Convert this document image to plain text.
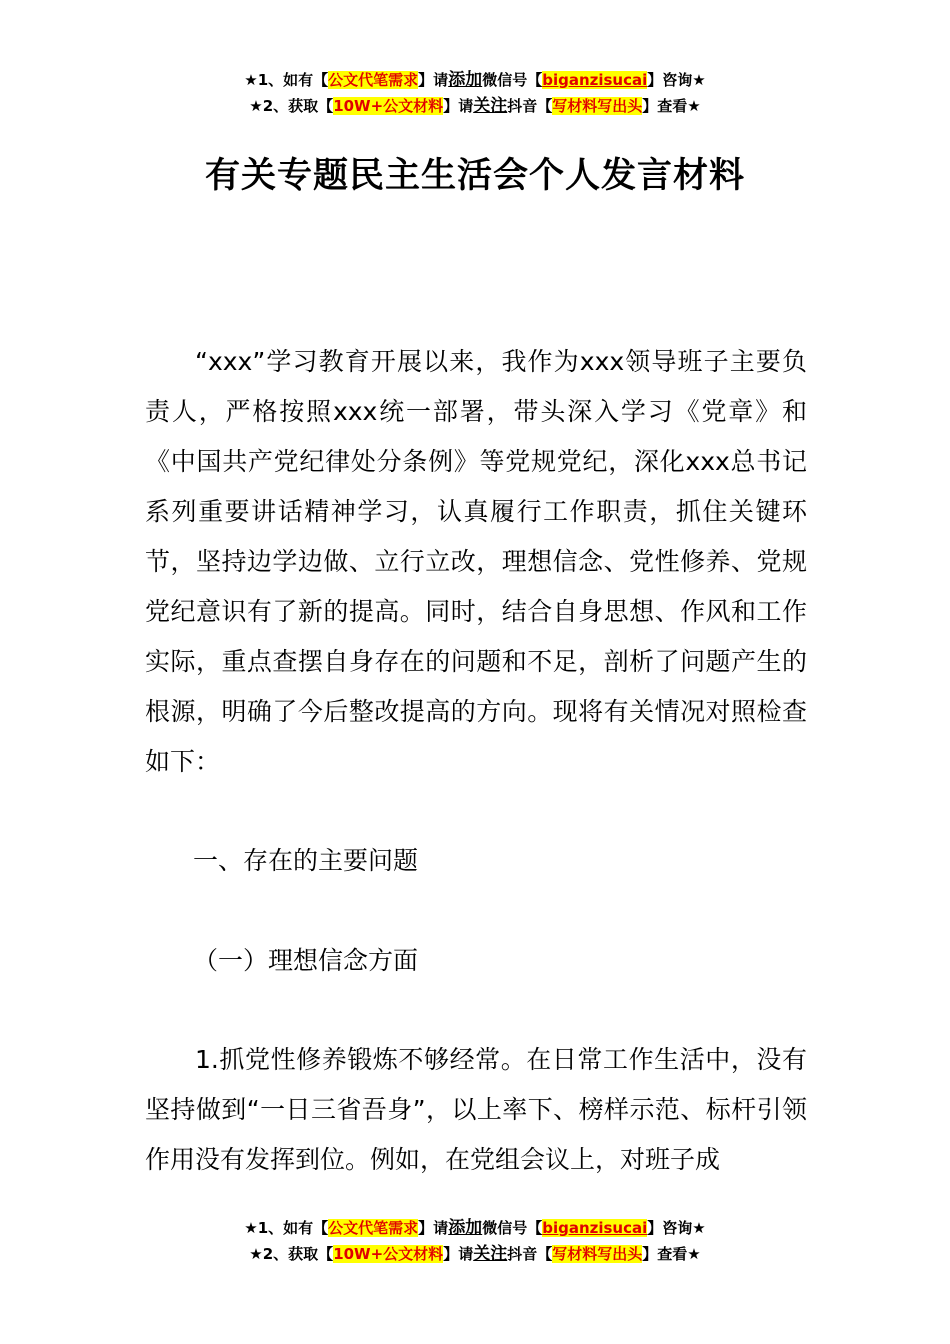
★1、如有【公文代笔需求】请添加微信号【biganzisucai】咨询★
★2、获取【10W+公文材料】请关注抖音【写材料写出头】查看★
有关专题民主生活会个人发言材料

“xxx”学习教育开展以来，我作为xxx领导班子主要负责人，严格按照xxx统一部署，带头深入学习《党章》和《中国共产党纪律处分条例》等党规党纪，深化xxx总书记系列重要讲话精神学习，认真履行工作职责，抓住关键环节，坚持边学边做、立行立改，理想信念、党性修养、党规党纪意识有了新的提高。同时，结合自身思想、作风和工作实际，重点查摆自身存在的问题和不足，剖析了问题产生的根源，明确了今后整改提高的方向。现将有关情况对照检查如下：

一、存在的主要问题
（一）理想信念方面

1.抓党性修养锻炼不够经常。在日常工作生活中，没有坚持做到“一日三省吾身”，以上率下、榜样示范、标杆引领作用没有发挥到位。例如，在党组会议上，对班子成

★1、如有【公文代笔需求】请添加微信号【biganzisucai】咨询★
★2、获取【10W+公文材料】请关注抖音【写材料写出头】查看★
